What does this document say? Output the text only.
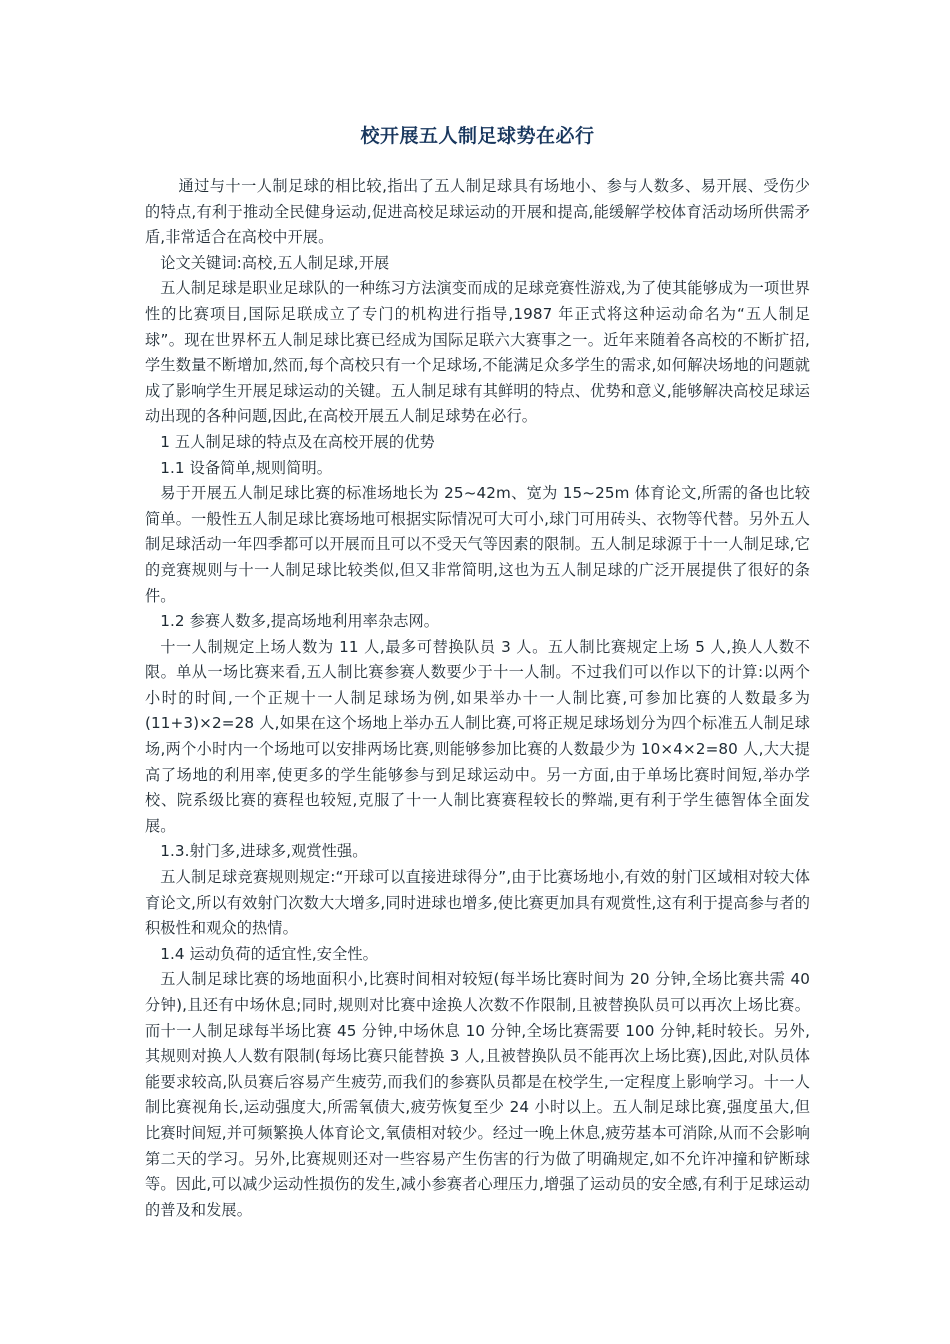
校开展五人制足球势在必行

通过与十一人制足球的相比较,指出了五人制足球具有场地小、参与人数多、易开展、受伤少的特点,有利于推动全民健身运动,促进高校足球运动的开展和提高,能缓解学校体育活动场所供需矛盾,非常适合在高校中开展。

论文关键词:高校,五人制足球,开展

五人制足球是职业足球队的一种练习方法演变而成的足球竞赛性游戏,为了使其能够成为一项世界性的比赛项目,国际足联成立了专门的机构进行指导,1987 年正式将这种运动命名为“五人制足球”。现在世界杯五人制足球比赛已经成为国际足联六大赛事之一。近年来随着各高校的不断扩招,学生数量不断增加,然而,每个高校只有一个足球场,不能满足众多学生的需求,如何解决场地的问题就成了影响学生开展足球运动的关键。五人制足球有其鲜明的特点、优势和意义,能够解决高校足球运动出现的各种问题,因此,在高校开展五人制足球势在必行。

1 五人制足球的特点及在高校开展的优势

1.1 设备简单,规则简明。

易于开展五人制足球比赛的标准场地长为 25~42m、宽为 15~25m 体育论文,所需的备也比较简单。一般性五人制足球比赛场地可根据实际情况可大可小,球门可用砖头、衣物等代替。另外五人制足球活动一年四季都可以开展而且可以不受天气等因素的限制。五人制足球源于十一人制足球,它的竞赛规则与十一人制足球比较类似,但又非常简明,这也为五人制足球的广泛开展提供了很好的条件。

1.2 参赛人数多,提高场地利用率杂志网。

十一人制规定上场人数为 11 人,最多可替换队员 3 人。五人制比赛规定上场 5 人,换人人数不限。单从一场比赛来看,五人制比赛参赛人数要少于十一人制。不过我们可以作以下的计算:以两个小时的时间,一个正规十一人制足球场为例,如果举办十一人制比赛,可参加比赛的人数最多为(11+3)×2=28 人,如果在这个场地上举办五人制比赛,可将正规足球场划分为四个标准五人制足球场,两个小时内一个场地可以安排两场比赛,则能够参加比赛的人数最少为 10×4×2=80 人,大大提高了场地的利用率,使更多的学生能够参与到足球运动中。另一方面,由于单场比赛时间短,举办学校、院系级比赛的赛程也较短,克服了十一人制比赛赛程较长的弊端,更有利于学生德智体全面发展。

1.3.射门多,进球多,观赏性强。

五人制足球竞赛规则规定:“开球可以直接进球得分”,由于比赛场地小,有效的射门区域相对较大体育论文,所以有效射门次数大大增多,同时进球也增多,使比赛更加具有观赏性,这有利于提高参与者的积极性和观众的热情。

1.4 运动负荷的适宜性,安全性。

五人制足球比赛的场地面积小,比赛时间相对较短(每半场比赛时间为 20 分钟,全场比赛共需 40 分钟),且还有中场休息;同时,规则对比赛中途换人次数不作限制,且被替换队员可以再次上场比赛。而十一人制足球每半场比赛 45 分钟,中场休息 10 分钟,全场比赛需要 100 分钟,耗时较长。另外,其规则对换人人数有限制(每场比赛只能替换 3 人,且被替换队员不能再次上场比赛),因此,对队员体能要求较高,队员赛后容易产生疲劳,而我们的参赛队员都是在校学生,一定程度上影响学习。十一人制比赛视角长,运动强度大,所需氧债大,疲劳恢复至少 24 小时以上。五人制足球比赛,强度虽大,但比赛时间短,并可频繁换人体育论文,氧债相对较少。经过一晚上休息,疲劳基本可消除,从而不会影响第二天的学习。另外,比赛规则还对一些容易产生伤害的行为做了明确规定,如不允许冲撞和铲断球等。因此,可以减少运动性损伤的发生,减小参赛者心理压力,增强了运动员的安全感,有利于足球运动的普及和发展。
